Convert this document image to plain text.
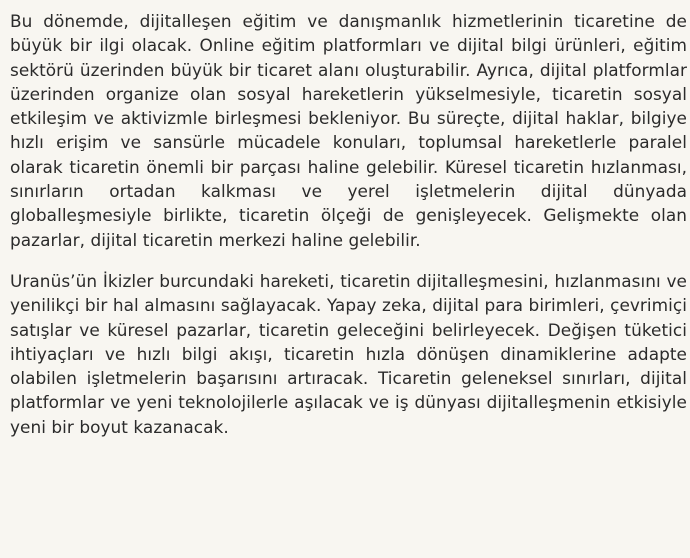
Bu dönemde, dijitalleşen eğitim ve danışmanlık hizmetlerinin ticaretine de büyük bir ilgi olacak. Online eğitim platformları ve dijital bilgi ürünleri, eğitim sektörü üzerinden büyük bir ticaret alanı oluşturabilir. Ayrıca, dijital platformlar üzerinden organize olan sosyal hareketlerin yükselmesiyle, ticaretin sosyal etkileşim ve aktivizmle birleşmesi bekleniyor. Bu süreçte, dijital haklar, bilgiye hızlı erişim ve sansürle mücadele konuları, toplumsal hareketlerle paralel olarak ticaretin önemli bir parçası haline gelebilir. Küresel ticaretin hızlanması, sınırların ortadan kalkması ve yerel işletmelerin dijital dünyada globalleşmesiyle birlikte, ticaretin ölçeği de genişleyecek. Gelişmekte olan pazarlar, dijital ticaretin merkezi haline gelebilir.

Uranüs’ün İkizler burcundaki hareketi, ticaretin dijitalleşmesini, hızlanmasını ve yenilikçi bir hal almasını sağlayacak. Yapay zeka, dijital para birimleri, çevrimiçi satışlar ve küresel pazarlar, ticaretin geleceğini belirleyecek. Değişen tüketici ihtiyaçları ve hızlı bilgi akışı, ticaretin hızla dönüşen dinamiklerine adapte olabilen işletmelerin başarısını artıracak. Ticaretin geleneksel sınırları, dijital platformlar ve yeni teknolojilerle aşılacak ve iş dünyası dijitalleşmenin etkisiyle yeni bir boyut kazanacak.
